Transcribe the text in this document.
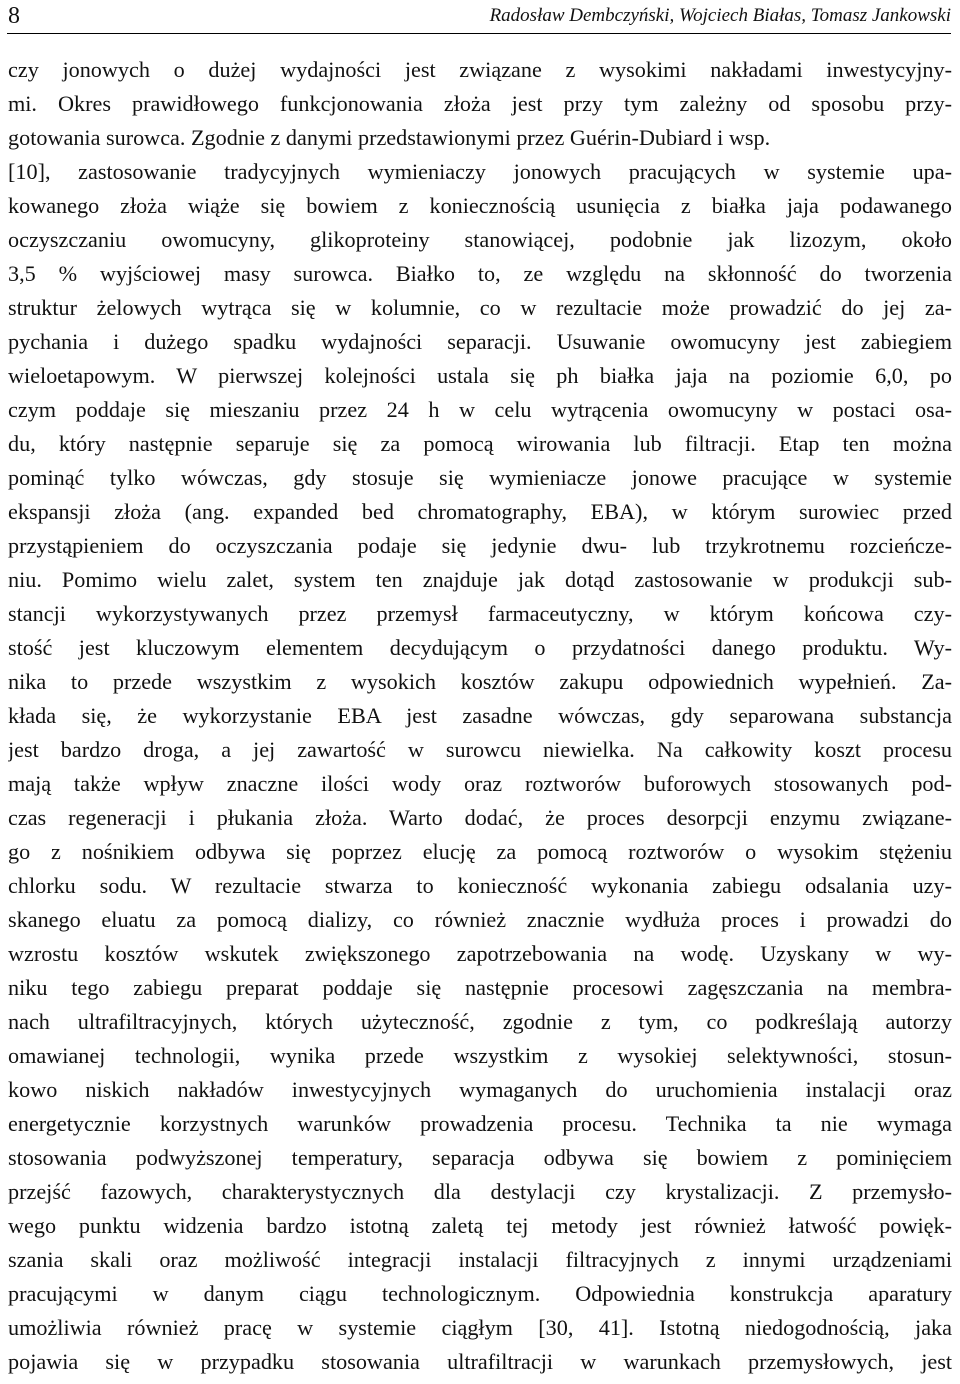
8	Radosław Dembczyński, Wojciech Białas, Tomasz Jankowski
czy jonowych o dużej wydajności jest związane z wysokimi nakładami inwestycyjny-
mi. Okres prawidłowego funkcjonowania złoża jest przy tym zależny od sposobu przy-
gotowania surowca. Zgodnie z danymi przedstawionymi przez Guérin-Dubiard i wsp.
[10], zastosowanie tradycyjnych wymieniaczy jonowych pracujących w systemie upa-
kowanego złoża wiąże się bowiem z koniecznością usunięcia z białka jaja podawanego
oczyszczaniu owomucyny, glikoproteiny stanowiącej, podobnie jak lizozym, około
3,5 % wyjściowej masy surowca. Białko to, ze względu na skłonność do tworzenia
struktur żelowych wytrąca się w kolumnie, co w rezultacie może prowadzić do jej za-
pychania i dużego spadku wydajności separacji. Usuwanie owomucyny jest zabiegiem
wieloetapowym. W pierwszej kolejności ustala się ph białka jaja na poziomie 6,0, po
czym poddaje się mieszaniu przez 24 h w celu wytrącenia owomucyny w postaci osa-
du, który następnie separuje się za pomocą wirowania lub filtracji. Etap ten można
pominąć tylko wówczas, gdy stosuje się wymieniacze jonowe pracujące w systemie
ekspansji złoża (ang. expanded bed chromatography, EBA), w którym surowiec przed
przystąpieniem do oczyszczania podaje się jedynie dwu- lub trzykrotnemu rozcieńcze-
niu. Pomimo wielu zalet, system ten znajduje jak dotąd zastosowanie w produkcji sub-
stancji wykorzystywanych przez przemysł farmaceutyczny, w którym końcowa czy-
stość jest kluczowym elementem decydującym o przydatności danego produktu. Wy-
nika to przede wszystkim z wysokich kosztów zakupu odpowiednich wypełnień. Za-
kłada się, że wykorzystanie EBA jest zasadne wówczas, gdy separowana substancja
jest bardzo droga, a jej zawartość w surowcu niewielka. Na całkowity koszt procesu
mają także wpływ znaczne ilości wody oraz roztworów buforowych stosowanych pod-
czas regeneracji i płukania złoża. Warto dodać, że proces desorpcji enzymu związane-
go z nośnikiem odbywa się poprzez elucję za pomocą roztworów o wysokim stężeniu
chlorku sodu. W rezultacie stwarza to konieczność wykonania zabiegu odsalania uzy-
skanego eluatu za pomocą dializy, co również znacznie wydłuża proces i prowadzi do
wzrostu kosztów wskutek zwiększonego zapotrzebowania na wodę. Uzyskany w wy-
niku tego zabiegu preparat poddaje się następnie procesowi zagęszczania na membra-
nach ultrafiltracyjnych, których użyteczność, zgodnie z tym, co podkreślają autorzy
omawianej technologii, wynika przede wszystkim z wysokiej selektywności, stosun-
kowo niskich nakładów inwestycyjnych wymaganych do uruchomienia instalacji oraz
energetycznie korzystnych warunków prowadzenia procesu. Technika ta nie wymaga
stosowania podwyższonej temperatury, separacja odbywa się bowiem z pominięciem
przejść fazowych, charakterystycznych dla destylacji czy krystalizacji. Z przemysło-
wego punktu widzenia bardzo istotną zaletą tej metody jest również łatwość powięk-
szania skali oraz możliwość integracji instalacji filtracyjnych z innymi urządzeniami
pracującymi w danym ciągu technologicznym. Odpowiednia konstrukcja aparatury
umożliwia również pracę w systemie ciągłym [30, 41]. Istotną niedogodnością, jaka
pojawia się w przypadku stosowania ultrafiltracji w warunkach przemysłowych, jest
